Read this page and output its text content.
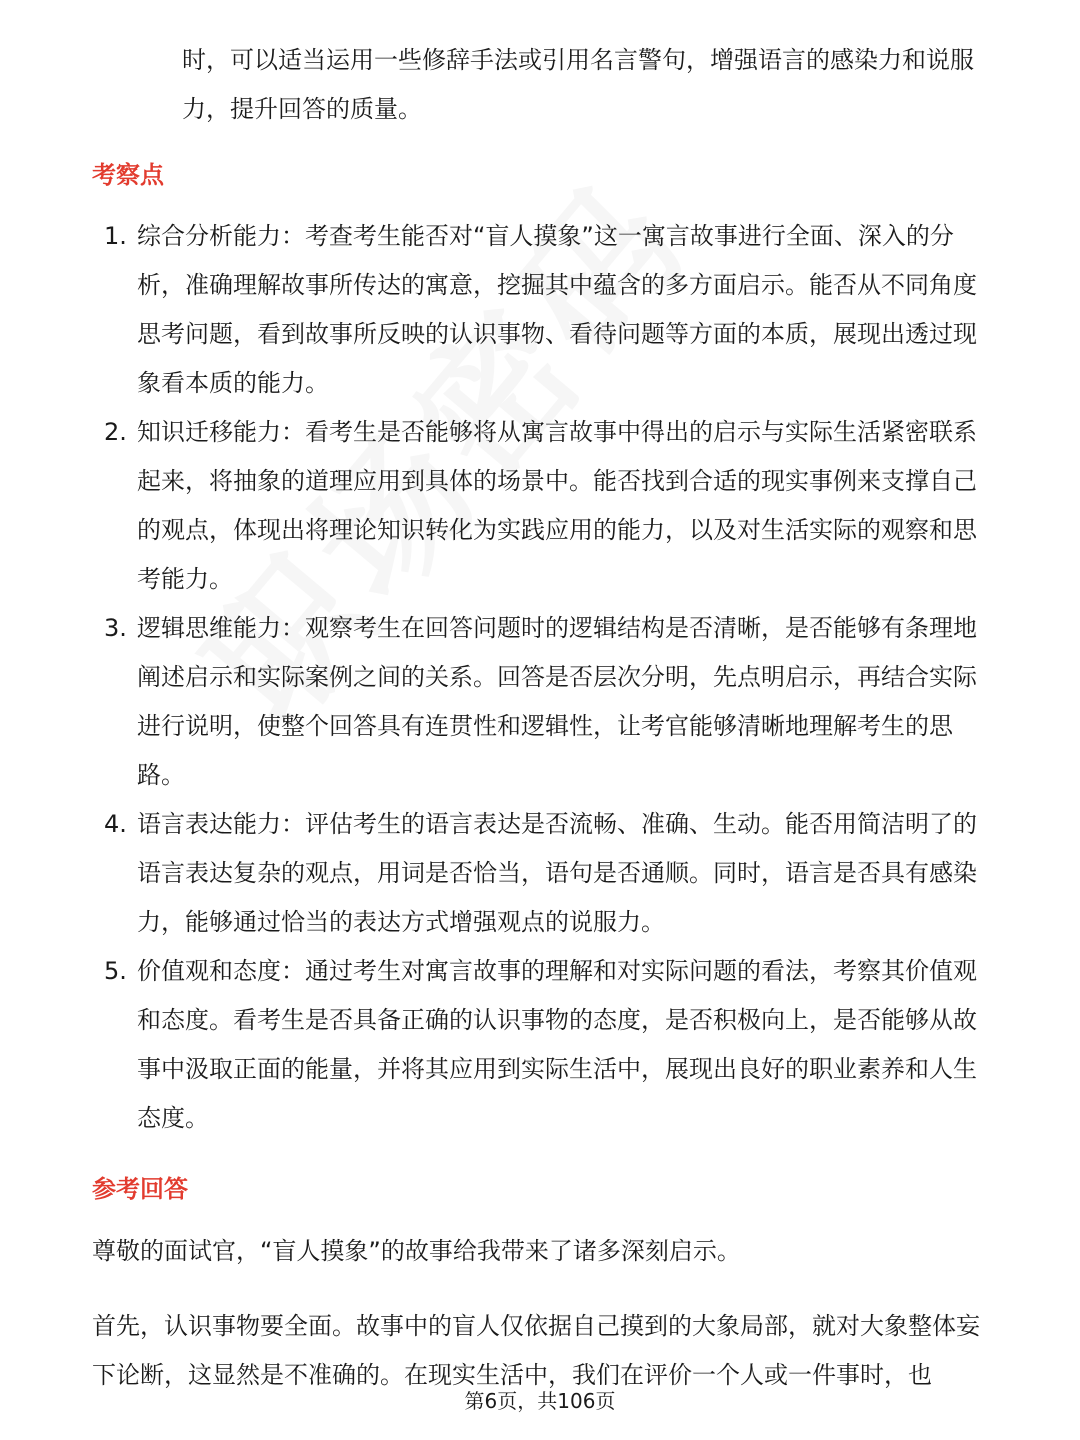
时，可以适当运用一些修辞手法或引用名言警句，增强语言的感染力和说服力，提升回答的质量。

考察点
1. 综合分析能力：考查考生能否对“盲人摸象”这一寓言故事进行全面、深入的分析，准确理解故事所传达的寓意，挖掘其中蕴含的多方面启示。能否从不同角度思考问题，看到故事所反映的认识事物、看待问题等方面的本质，展现出透过现象看本质的能力。
2. 知识迁移能力：看考生是否能够将从寓言故事中得出的启示与实际生活紧密联系起来，将抽象的道理应用到具体的场景中。能否找到合适的现实事例来支撑自己的观点，体现出将理论知识转化为实践应用的能力，以及对生活实际的观察和思考能力。
3. 逻辑思维能力：观察考生在回答问题时的逻辑结构是否清晰，是否能够有条理地阐述启示和实际案例之间的关系。回答是否层次分明，先点明启示，再结合实际进行说明，使整个回答具有连贯性和逻辑性，让考官能够清晰地理解考生的思路。
4. 语言表达能力：评估考生的语言表达是否流畅、准确、生动。能否用简洁明了的语言表达复杂的观点，用词是否恰当，语句是否通顺。同时，语言是否具有感染力，能够通过恰当的表达方式增强观点的说服力。
5. 价值观和态度：通过考生对寓言故事的理解和对实际问题的看法，考察其价值观和态度。看考生是否具备正确的认识事物的态度，是否积极向上，是否能够从故事中汲取正面的能量，并将其应用到实际生活中，展现出良好的职业素养和人生态度。
参考回答

尊敬的面试官，“盲人摸象”的故事给我带来了诸多深刻启示。

首先，认识事物要全面。故事中的盲人仅依据自己摸到的大象局部，就对大象整体妄下论断，这显然是不准确的。在现实生活中，我们在评价一个人或一件事时，也

第6页，共106页
